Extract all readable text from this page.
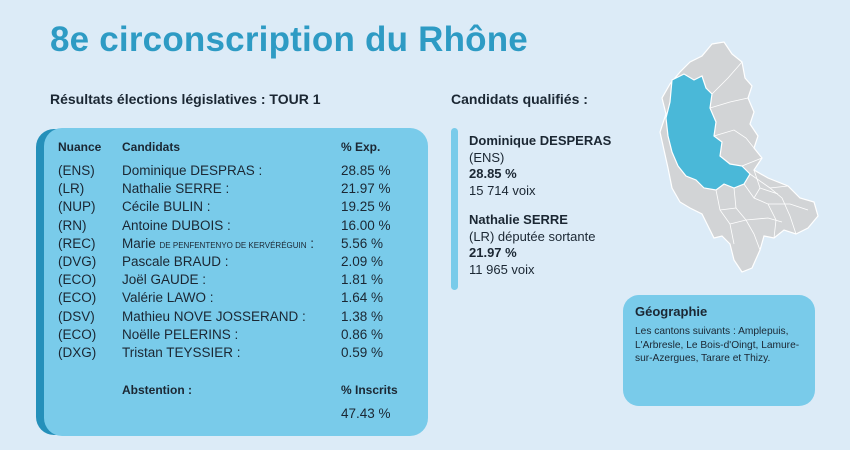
8e circonscription du Rhône
Résultats élections législatives : TOUR 1	Candidats qualifiés :
Nuance Candidats	% Exp.
(ENS) Dominique DESPRAS :	28.85 %
(LR)	Nathalie SERRE :	21.97 %
(NUP) Cécile BULIN :	19.25 %
(RN)	Antoine DUBOIS :	16.00 %
(REC) Marie DE PENFENTENYO DE KERVÉRÉGUIN : 5.56 %
(DVG) Pascale BRAUD :	2.09 %
(ECO) Joël GAUDE :	1.81 %
(ECO) Valérie LAWO :	1.64 %
(DSV) Mathieu NOVE JOSSERAND :	1.38 %
(ECO) Noëlle PELERINS :	0.86 %
(DXG) Tristan TEYSSIER :	0.59 %
Abstention :	% Inscrits
47.43 %
Dominique DESPERAS
(ENS)
28.85 %
15 714 voix
Nathalie SERRE
(LR) députée sortante
21.97 %
11 965 voix
Géographie
Les cantons suivants : Amplepuis, L'Arbresle, Le Bois-d'Oingt, Lamure-sur-Azergues, Tarare et Thizy.
